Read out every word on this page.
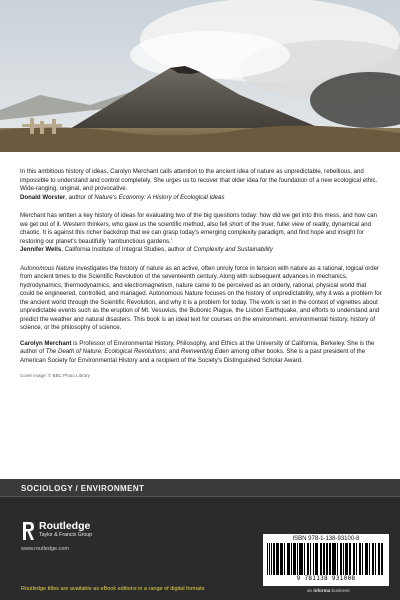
In this ambitious history of ideas, Carolyn Merchant calls attention to the ancient idea of nature as unpredictable, rebellious, and impossible to understand and control completely. She urges us to recover that older idea for the foundation of a new ecological ethic. Wide-ranging, original, and provocative.
Donald Worster, author of Nature's Economy: A History of Ecological Ideas
Merchant has written a key history of ideas for evaluating two of the big questions today: how did we get into this mess, and how can we get out of it. Western thinkers, who gave us the scientific method, also fell short of the truer, fuller view of reality, dynamical and chaotic. It is against this richer backdrop that we can grasp today's emerging complexity paradigm, and find hope and insight for restoring our planet's beautifully 'rambunctious gardens.'
Jennifer Wells, California Institute of Integral Studies, author of Complexity and Sustainability

Autonomous Nature investigates the history of nature as an active, often unruly force in tension with nature as a rational, logical order from ancient times to the Scientific Revolution of the seventeenth century. Along with subsequent advances in mechanics, hydrodynamics, thermodynamics, and electromagnetism, nature came to be perceived as an orderly, rational, physical world that could be engineered, controlled, and managed. Autonomous Nature focuses on the history of unpredictability, why it was a problem for the ancient world through the Scientific Revolution, and why it is a problem for today. The work is set in the context of vignettes about unpredictable events such as the eruption of Mt. Vesuvius, the Bubonic Plague, the Lisbon Earthquake, and efforts to understand and predict the weather and natural disasters. This book is an ideal text for courses on the environment, environmental history, history of science, or the philosophy of science.

Carolyn Merchant is Professor of Environmental History, Philosophy, and Ethics at the University of California, Berkeley. She is the author of The Death of Nature; Ecological Revolutions; and Reinventing Eden among other books. She is a past president of the American Society for Environmental History and a recipient of the Society's Distinguished Scholar Award.

Cover image: © BBC Photo Library
SOCIOLOGY / ENVIRONMENT
Routledge
Taylor & Francis Group
www.routledge.com
ISBN 978-1-138-93100-8
9 781138 931008
an informa business
Routledge titles are available as eBook editions in a range of digital formats
